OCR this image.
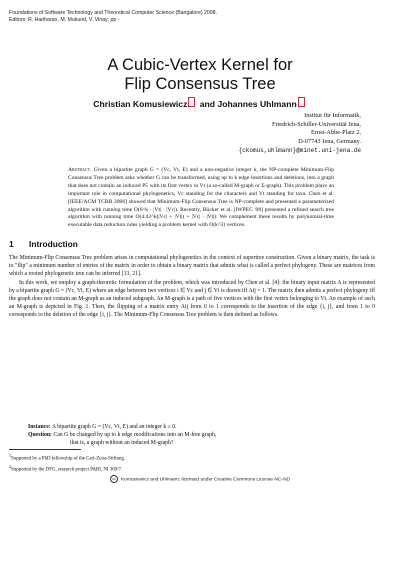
Foundations of Software Technology and Theoretical Computer Science (Bangalore) 2008.
Editors: R. Hariharan, M. Mukund, V. Vinay; pp -
A Cubic-Vertex Kernel for
Flip Consensus Tree
Christian Komusiewicz and Johannes Uhlmann
Institut für Informatik,
Friedrich-Schiller-Universität Jena,
Ernst-Abbe-Platz 2,
D-07743 Jena, Germany.
{ckomus,uhlmann}@minet.uni-jena.de
Abstract. Given a bipartite graph G = (Vc, Vt, E) and a non-negative integer k, the NP-complete Minimum-Flip Consensus Tree problem asks whether G can be transformed, using up to k edge insertions and deletions, into a graph that does not contain an induced P5 with its first vertex in Vt (a so-called M-graph or Σ-graph). This problem plays an important role in computational phylogenetics, Vc standing for the characters and Vt standing for taxa. Chen et al. [IEEE/ACM TCBB 2006] showed that Minimum-Flip Consensus Tree is NP-complete and presented a parameterized algorithm with running time O(6^k · |Vt| · |Vc|). Recently, Böcker et al. [IWPEC '08] presented a refined search tree algorithm with running time O(4.42^k(|Vc| + |Vt|) + |Vc| · |Vt|). We complement these results by polynomial-time executable data reduction rules yielding a problem kernel with O(k^3) vertices.
1 Introduction

The Minimum-Flip Consensus Tree problem arises in computational phylogenetics in the context of supertree construction. Given a binary matrix, the task is to "flip" a minimum number of entries of the matrix in order to obtain a binary matrix that admits what is called a perfect phylogeny. These are matrices from which a rooted phylogenetic tree can be inferred [13, 21].

In this work, we employ a graph-theoretic formulation of the problem, which was introduced by Chen et al. [4]: the binary input matrix A is represented by a bipartite graph G = (Vc, Vt, E) where an edge between two vertices i ∈ Vc and j ∈ Vt is drawn iff Aij = 1. The matrix then admits a perfect phylogeny iff the graph does not contain an M-graph as an induced subgraph. An M-graph is a path of five vertices with the first vertex belonging to Vt. An example of such an M-graph is depicted in Fig. 1. Then, the flipping of a matrix entry Aij from 0 to 1 corresponds to the insertion of the edge {i, j}, and from 1 to 0 corresponds to the deletion of the edge {i, j}. The Minimum-Flip Consensus Tree problem is then defined as follows.

Instance: A bipartite graph G = (Vc, Vt, E) and an integer k ≥ 0.
Question: Can G be changed by up to k edge modifications into an M-free graph,
that is, a graph without an induced M-graph?
$^1$Supported by a PhD fellowship of the Carl-Zeiss-Stiftung.
$^2$Supported by the DFG, research project PABI, NI 369/7.
cc Komusiewicz and Uhlmann; licensed under Creative Commons License-NC-ND
